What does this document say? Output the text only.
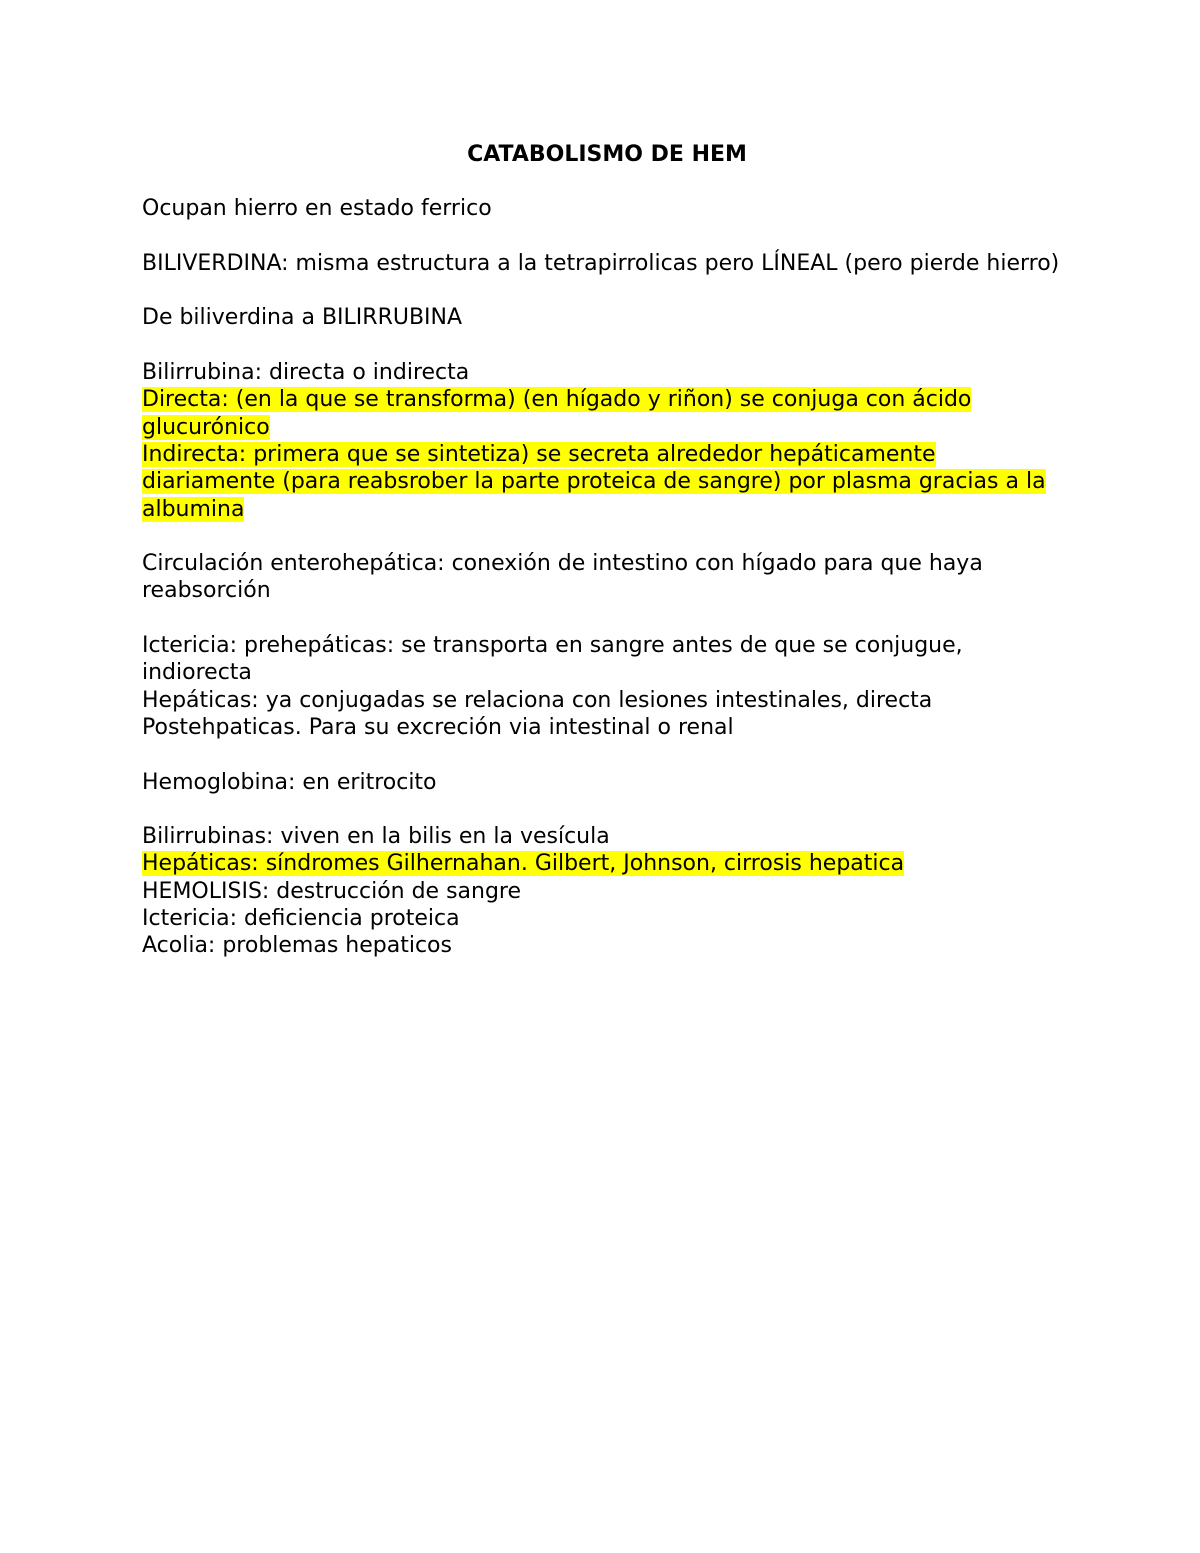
CATABOLISMO DE HEM
Ocupan hierro en estado ferrico
BILIVERDINA: misma estructura a la tetrapirrolicas pero LÍNEAL (pero pierde hierro)
De biliverdina a BILIRRUBINA
Bilirrubina: directa o indirecta
Directa: (en la que se transforma) (en hígado y riñon) se conjuga con ácido glucurónico
Indirecta: primera que se sintetiza) se secreta alrededor hepáticamente diariamente (para reabsrober la parte proteica de sangre) por plasma gracias a la albumina
Circulación enterohepática: conexión de intestino con hígado para que haya reabsorción
Ictericia: prehepáticas: se transporta en sangre antes de que se conjugue, indiorecta
Hepáticas: ya conjugadas se relaciona con lesiones intestinales, directa
Postehpaticas. Para su excreción via intestinal o renal
Hemoglobina: en eritrocito
Bilirrubinas: viven en la bilis en la vesícula
Hepáticas: síndromes Gilhernahan. Gilbert, Johnson, cirrosis hepatica
HEMOLISIS: destrucción de sangre
Ictericia: deficiencia proteica
Acolia: problemas hepaticos
